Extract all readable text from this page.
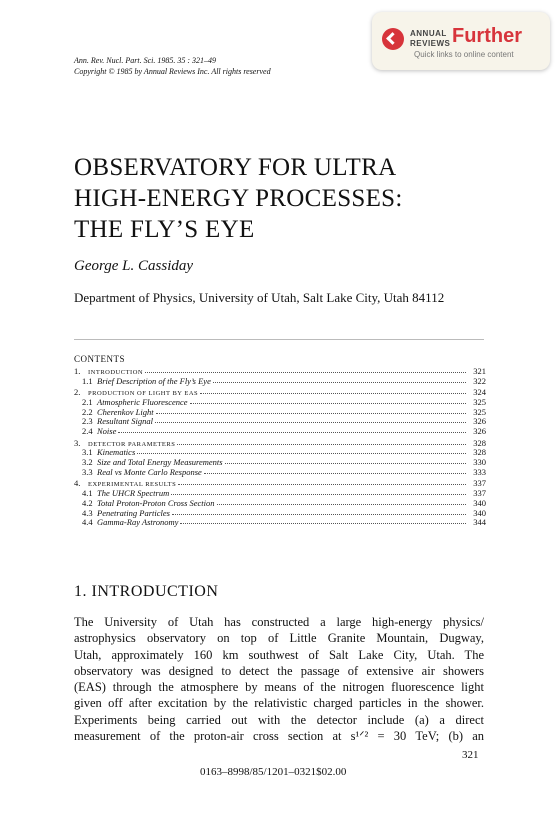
ANNUAL
REVIEWS Further
Quick links to online content
Ann. Rev. Nucl. Part. Sci. 1985. 35 : 321–49
Copyright © 1985 by Annual Reviews Inc. All rights reserved
OBSERVATORY FOR ULTRA
HIGH-ENERGY PROCESSES:
THE FLY’S EYE
George L. Cassiday
Department of Physics, University of Utah, Salt Lake City, Utah 84112
CONTENTS
1.	INTRODUCTION	321
1.1 Brief Description of the Fly’s Eye	322
2.	PRODUCTION OF LIGHT BY EAS	324
2.1 Atmospheric Fluorescence	325
2.2 Cherenkov Light	325
2.3 Resultant Signal	326
2.4 Noise	326
3.	DETECTOR PARAMETERS	328
3.1 Kinematics	328
3.2 Size and Total Energy Measurements	330
3.3 Real vs Monte Carlo Response	333
4.	EXPERIMENTAL RESULTS	337
4.1 The UHCR Spectrum	337
4.2 Total Proton-Proton Cross Section	340
4.3 Penetrating Particles	340
4.4 Gamma-Ray Astronomy	344
1. INTRODUCTION
The University of Utah has constructed a large high-energy physics/
astrophysics observatory on top of Little Granite Mountain, Dugway,
Utah, approximately 160 km southwest of Salt Lake City, Utah. The
observatory was designed to detect the passage of extensive air showers
(EAS) through the atmosphere by means of the nitrogen fluorescence light
given off after excitation by the relativistic charged particles in the shower.
Experiments being carried out with the detector include (a) a direct
measurement of the proton-air cross section at s¹ᐟ² = 30 TeV; (b) an
321
0163–8998/85/1201–0321$02.00
